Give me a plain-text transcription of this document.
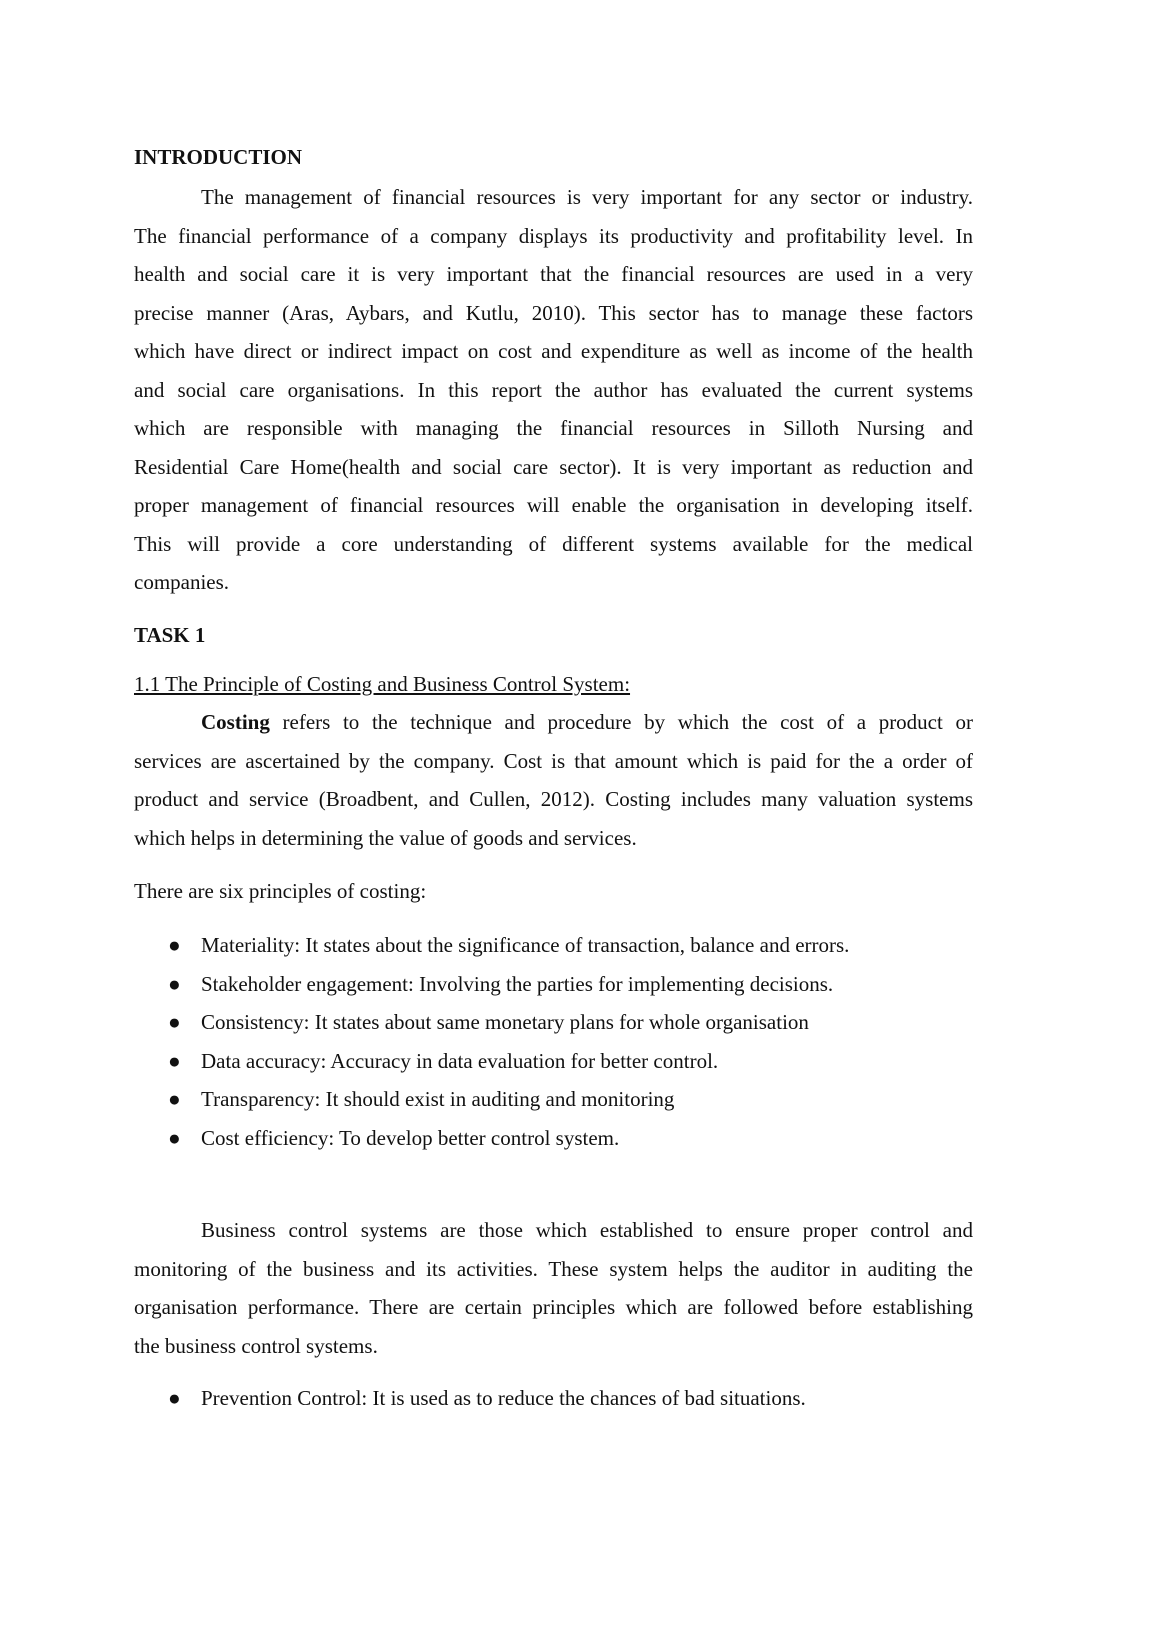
INTRODUCTION
The management of financial resources is very important for any sector or industry.
The financial performance of a company displays its productivity and profitability level. In
health and social care it is very important that the financial resources are used in a very
precise manner (Aras, Aybars, and Kutlu, 2010). This sector has to manage these factors
which have direct or indirect impact on cost and expenditure as well as income of the health
and social care organisations. In this report the author has evaluated the current systems
which are responsible with managing the financial resources in Silloth Nursing and
Residential Care Home(health and social care sector). It is very important as reduction and
proper management of financial resources will enable the organisation in developing itself.
This will provide a core understanding of different systems available for the medical
companies.
TASK 1
1.1 The Principle of Costing and Business Control System:
Costing refers to the technique and procedure by which the cost of a product or
services are ascertained by the company. Cost is that amount which is paid for the a order of
product and service (Broadbent, and Cullen, 2012). Costing includes many valuation systems
which helps in determining the value of goods and services.
There are six principles of costing:
● Materiality: It states about the significance of transaction, balance and errors.
● Stakeholder engagement: Involving the parties for implementing decisions.
● Consistency: It states about same monetary plans for whole organisation
● Data accuracy: Accuracy in data evaluation for better control.
● Transparency: It should exist in auditing and monitoring
● Cost efficiency: To develop better control system.
Business control systems are those which established to ensure proper control and
monitoring of the business and its activities. These system helps the auditor in auditing the
organisation performance. There are certain principles which are followed before establishing
the business control systems.
● Prevention Control: It is used as to reduce the chances of bad situations.
